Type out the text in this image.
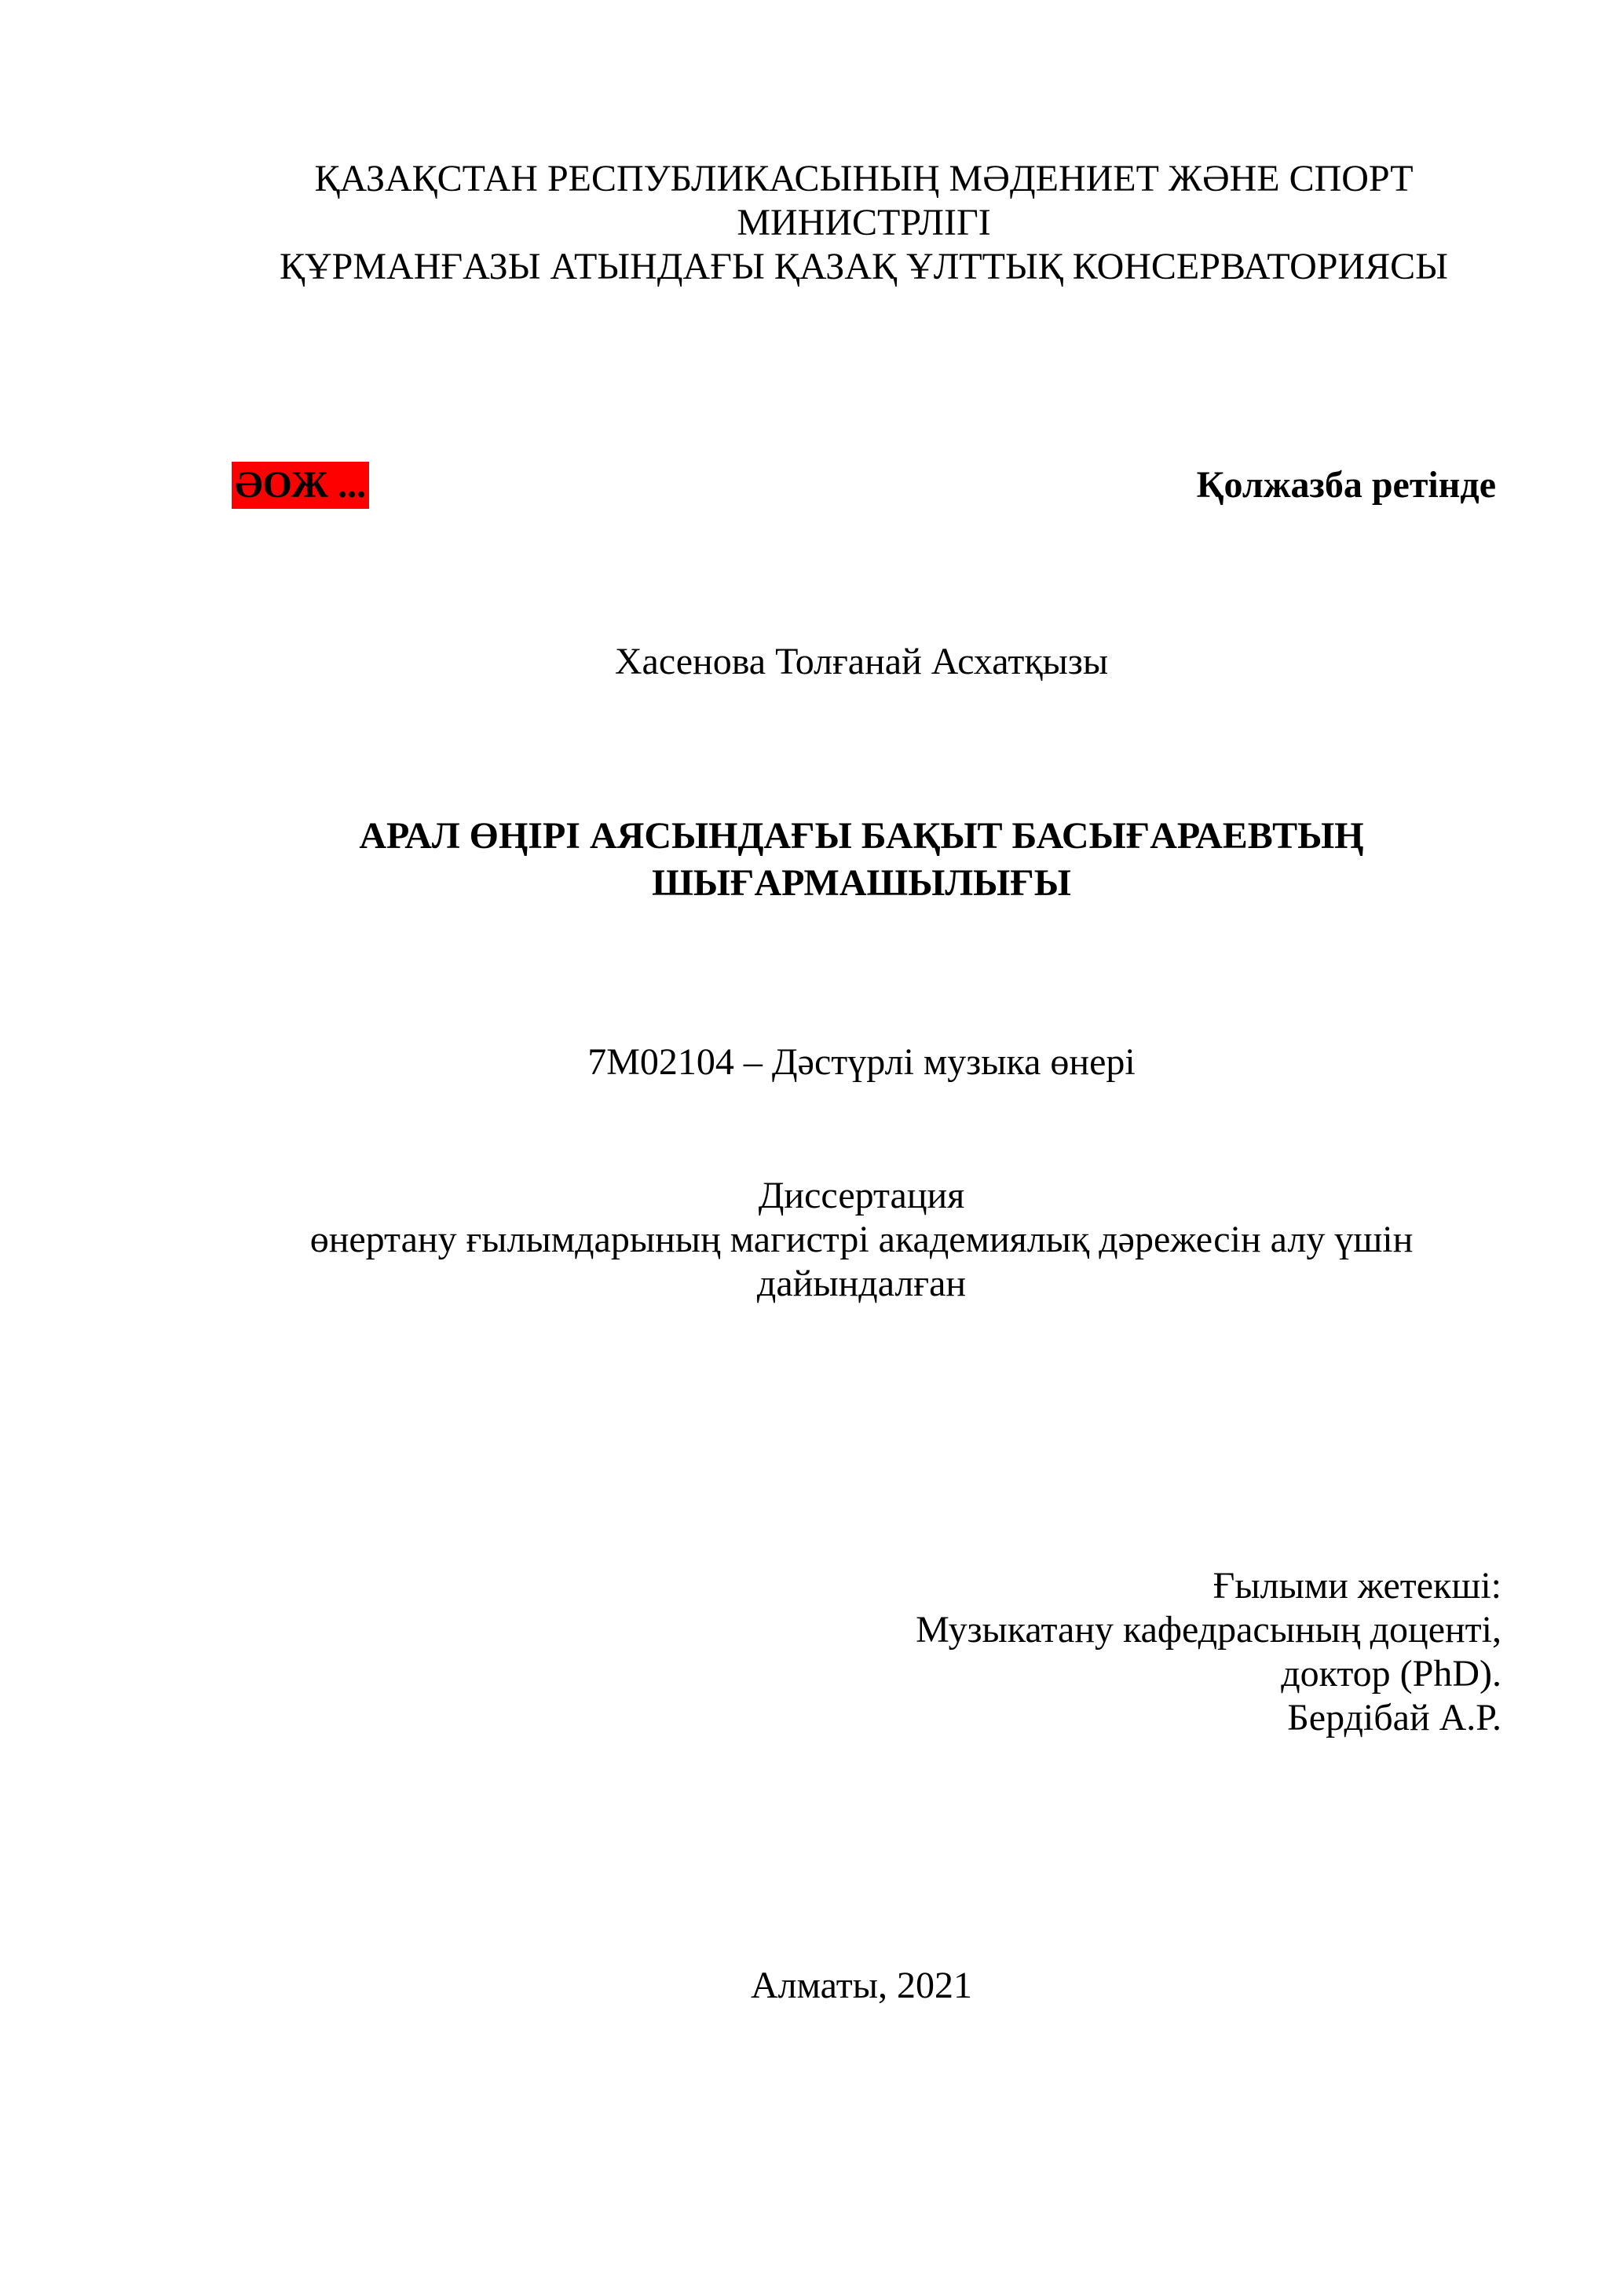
ҚАЗАҚСТАН РЕСПУБЛИКАСЫНЫҢ МӘДЕНИЕТ ЖӘНЕ СПОРТ
МИНИСТРЛІГІ
ҚҰРМАНҒАЗЫ АТЫНДАҒЫ ҚАЗАҚ ҰЛТТЫҚ КОНСЕРВАТОРИЯСЫ
ӘОЖ ...	Қолжазба ретінде
Хасенова Толғанай Асхатқызы
АРАЛ ӨҢІРІ АЯСЫНДАҒЫ БАҚЫТ БАСЫҒАРАЕВТЫҢ
ШЫҒАРМАШЫЛЫҒЫ
7M02104 – Дәстүрлі музыка өнері
Диссертация
өнертану ғылымдарының магистрі академиялық дәрежесін алу үшін
дайындалған
Ғылыми жетекші:
Музыкатану кафедрасының доценті,
доктор (PhD).
Бердібай А.Р.
Алматы, 2021
